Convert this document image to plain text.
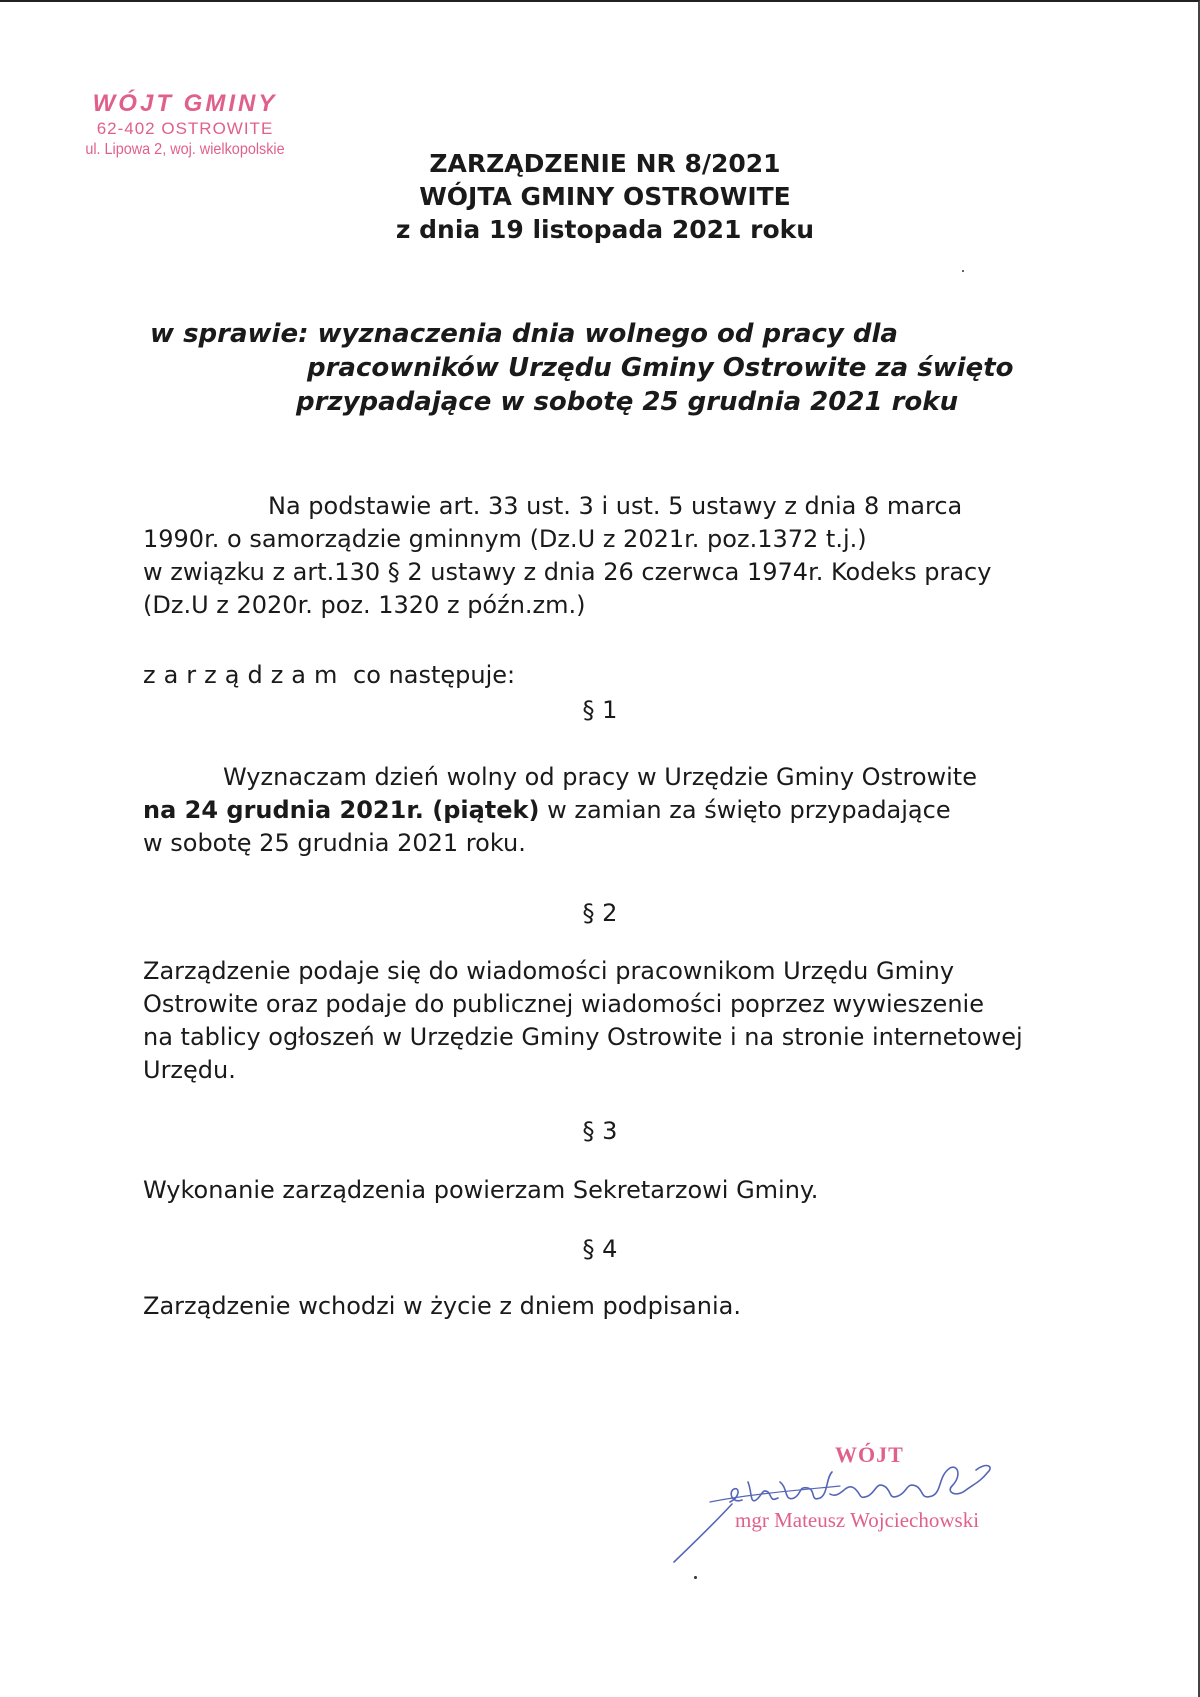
WÓJT GMINY
62-402 OSTROWITE
ul. Lipowa 2, woj. wielkopolskie	ZARZĄDZENIE NR 8/2021
WÓJTA GMINY OSTROWITE
z dnia 19 listopada 2021 roku
w sprawie: wyznaczenia dnia wolnego od pracy dla
pracowników Urzędu Gminy Ostrowite za święto
przypadające w sobotę 25 grudnia 2021 roku
Na podstawie art. 33 ust. 3 i ust. 5 ustawy z dnia 8 marca
1990r. o samorządzie gminnym (Dz.U z 2021r. poz.1372 t.j.)
w związku z art.130 § 2 ustawy z dnia 26 czerwca 1974r. Kodeks pracy
(Dz.U z 2020r. poz. 1320 z późn.zm.)
zarządzam co następuje:
§ 1
Wyznaczam dzień wolny od pracy w Urzędzie Gminy Ostrowite
na 24 grudnia 2021r. (piątek) w zamian za święto przypadające
w sobotę 25 grudnia 2021 roku.
§ 2
Zarządzenie podaje się do wiadomości pracownikom Urzędu Gminy
Ostrowite oraz podaje do publicznej wiadomości poprzez wywieszenie
na tablicy ogłoszeń w Urzędzie Gminy Ostrowite i na stronie internetowej
Urzędu.
§ 3
Wykonanie zarządzenia powierzam Sekretarzowi Gminy.
§ 4
Zarządzenie wchodzi w życie z dniem podpisania.
WÓJT
mgr Mateusz Wojciechowski
